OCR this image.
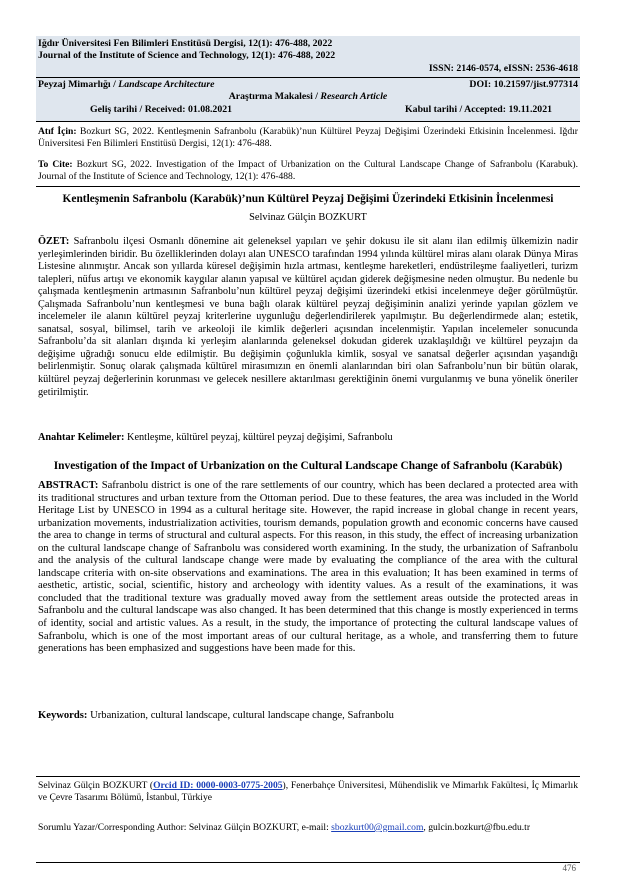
Iğdır Üniversitesi Fen Bilimleri Enstitüsü Dergisi, 12(1): 476-488, 2022
Journal of the Institute of Science and Technology, 12(1): 476-488, 2022
ISSN: 2146-0574, eISSN: 2536-4618
Peyzaj Mimarlığı / Landscape Architecture	DOI: 10.21597/jist.977314
Araştırma Makalesi / Research Article
Geliş tarihi / Received: 01.08.2021	Kabul tarihi / Accepted: 19.11.2021
Atıf İçin: Bozkurt SG, 2022. Kentleşmenin Safranbolu (Karabük)’nun Kültürel Peyzaj Değişimi Üzerindeki Etkisinin İncelenmesi. Iğdır Üniversitesi Fen Bilimleri Enstitüsü Dergisi, 12(1): 476-488.
To Cite: Bozkurt SG, 2022. Investigation of the Impact of Urbanization on the Cultural Landscape Change of Safranbolu (Karabuk). Journal of the Institute of Science and Technology, 12(1): 476-488.
Kentleşmenin Safranbolu (Karabük)’nun Kültürel Peyzaj Değişimi Üzerindeki Etkisinin İncelenmesi
Selvinaz Gülçin BOZKURT
ÖZET: Safranbolu ilçesi Osmanlı dönemine ait geleneksel yapıları ve şehir dokusu ile sit alanı ilan edilmiş ülkemizin nadir yerleşimlerinden biridir. Bu özelliklerinden dolayı alan UNESCO tarafından 1994 yılında kültürel miras alanı olarak Dünya Miras Listesine alınmıştır. Ancak son yıllarda küresel değişimin hızla artması, kentleşme hareketleri, endüstrileşme faaliyetleri, turizm talepleri, nüfus artışı ve ekonomik kaygılar alanın yapısal ve kültürel açıdan giderek değişmesine neden olmuştur. Bu nedenle bu çalışmada kentleşmenin artmasının Safranbolu’nun kültürel peyzaj değişimi üzerindeki etkisi incelenmeye değer görülmüştür. Çalışmada Safranbolu’nun kentleşmesi ve buna bağlı olarak kültürel peyzaj değişiminin analizi yerinde yapılan gözlem ve incelemeler ile alanın kültürel peyzaj kriterlerine uygunluğu değerlendirilerek yapılmıştır. Bu değerlendirmede alan; estetik, sanatsal, sosyal, bilimsel, tarih ve arkeoloji ile kimlik değerleri açısından incelenmiştir. Yapılan incelemeler sonucunda Safranbolu’da sit alanları dışında ki yerleşim alanlarında geleneksel dokudan giderek uzaklaşıldığı ve kültürel peyzajın da değişime uğradığı sonucu elde edilmiştir. Bu değişimin çoğunlukla kimlik, sosyal ve sanatsal değerler açısından yaşandığı belirlenmiştir. Sonuç olarak çalışmada kültürel mirasımızın en önemli alanlarından biri olan Safranbolu’nun bir bütün olarak, kültürel peyzaj değerlerinin korunması ve gelecek nesillere aktarılması gerektiğinin önemi vurgulanmış ve buna yönelik öneriler getirilmiştir.
Anahtar Kelimeler: Kentleşme, kültürel peyzaj, kültürel peyzaj değişimi, Safranbolu
Investigation of the Impact of Urbanization on the Cultural Landscape Change of Safranbolu (Karabük)
ABSTRACT: Safranbolu district is one of the rare settlements of our country, which has been declared a protected area with its traditional structures and urban texture from the Ottoman period. Due to these features, the area was included in the World Heritage List by UNESCO in 1994 as a cultural heritage site. However, the rapid increase in global change in recent years, urbanization movements, industrialization activities, tourism demands, population growth and economic concerns have caused the area to change in terms of structural and cultural aspects. For this reason, in this study, the effect of increasing urbanization on the cultural landscape change of Safranbolu was considered worth examining. In the study, the urbanization of Safranbolu and the analysis of the cultural landscape change were made by evaluating the compliance of the area with the cultural landscape criteria with on-site observations and examinations. The area in this evaluation; It has been examined in terms of aesthetic, artistic, social, scientific, history and archeology with identity values. As a result of the examinations, it was concluded that the traditional texture was gradually moved away from the settlement areas outside the protected areas in Safranbolu and the cultural landscape was also changed. It has been determined that this change is mostly experienced in terms of identity, social and artistic values. As a result, in the study, the importance of protecting the cultural landscape values of Safranbolu, which is one of the most important areas of our cultural heritage, as a whole, and transferring them to future generations has been emphasized and suggestions have been made for this.
Keywords: Urbanization, cultural landscape, cultural landscape change, Safranbolu
Selvinaz Gülçin BOZKURT (Orcid ID: 0000-0003-0775-2005), Fenerbahçe Üniversitesi, Mühendislik ve Mimarlık Fakültesi, İç Mimarlık ve Çevre Tasarımı Bölümü, İstanbul, Türkiye
Sorumlu Yazar/Corresponding Author: Selvinaz Gülçin BOZKURT, e-mail: sbozkurt00@gmail.com, gulcin.bozkurt@fbu.edu.tr
476
